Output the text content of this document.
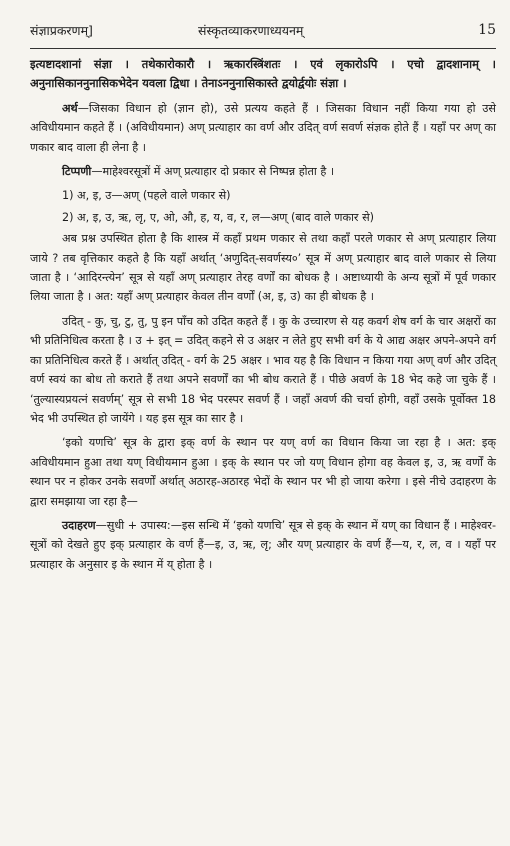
संज्ञाप्रकरणम्]	संस्कृतव्याकरणाध्ययनम्	15

इत्यष्टादशानां संज्ञा । तथेकारोकारौ । ऋकारस्त्रिंशतः । एवं लृकारोऽपि । एचो द्वादशानाम् । अनुनासिकाननुनासिकभेदेन यवला द्विधा । तेनाऽननुनासिकास्ते द्वयोर्द्वयोः संज्ञा ।

अर्थ—जिसका विधान हो (ज्ञान हो), उसे प्रत्यय कहते हैं । जिसका विधान नहीं किया गया हो उसे अविधीयमान कहते हैं । (अविधीयमान) अण् प्रत्याहार का वर्ण और उदित् वर्ण सवर्ण संज्ञक होते हैं । यहाँ पर अण् का णकार बाद वाला ही लेना है ।

टिप्पणी—माहेश्वरसूत्रों में अण् प्रत्याहार दो प्रकार से निष्पन्न होता है ।

1) अ, इ, उ—अण् (पहले वाले णकार से)

2) अ, इ, उ, ऋ, लृ, ए, ओ, औ, ह, य, व, र, ल—अण् (बाद वाले णकार से)

अब प्रश्न उपस्थित होता है कि शास्त्र में कहाँ प्रथम णकार से तथा कहाँ परले णकार से अण् प्रत्याहार लिया जाये ? तब वृत्तिकार कहते है कि यहाँ अर्थात् ‘अणुदित्-सवर्णस्य०’ सूत्र में अण् प्रत्याहार बाद वाले णकार से लिया जाता है । ‘आदिरन्त्येन’ सूत्र से यहाँ अण् प्रत्याहार तेरह वर्णों का बोधक है । अष्टाध्यायी के अन्य सूत्रों में पूर्व णकार लिया जाता है । अत: यहाँ अण् प्रत्याहार केवल तीन वर्णों (अ, इ, उ) का ही बोधक है ।

उदित् - कु, चु, टु, तु, पु इन पाँच को उदित कहते हैं । कु के उच्चारण से यह कवर्ग शेष वर्ग के चार अक्षरों का भी प्रतिनिधित्व करता है । उ + इत् = उदित् कहने से उ अक्षर न लेते हुए सभी वर्ग के ये आद्य अक्षर अपने-अपने वर्ग का प्रतिनिधित्व करते हैं । अर्थात् उदित् - वर्ग के 25 अक्षर । भाव यह है कि विधान न किया गया अण् वर्ण और उदित् वर्ण स्वयं का बोध तो कराते हैं तथा अपने सवर्णों का भी बोध कराते हैं । पीछे अवर्ण के 18 भेद कहे जा चुके हैं । ‘तुल्यास्यप्रयत्नं सवर्णम्’ सूत्र से सभी 18 भेद परस्पर सवर्ण हैं । जहाँ अवर्ण की चर्चा होगी, वहाँ उसके पूर्वोक्त 18 भेद भी उपस्थित हो जायेंगे । यह इस सूत्र का सार है ।

‘इको यणचि’ सूत्र के द्वारा इक् वर्ण के स्थान पर यण् वर्ण का विधान किया जा रहा है । अत: इक् अविधीयमान हुआ तथा यण् विधीयमान हुआ । इक् के स्थान पर जो यण् विधान होगा वह केवल इ, उ, ऋ वर्णों के स्थान पर न होकर उनके सवर्णों अर्थात् अठारह-अठारह भेदों के स्थान पर भी हो जाया करेगा । इसे नीचे उदाहरण के द्वारा समझाया जा रहा है—

उदाहरण—सुधी + उपास्य:—इस सन्धि में ‘इको यणचि’ सूत्र से इक् के स्थान में यण् का विधान हैं । माहेश्वर-सूत्रों को देखते हुए इक् प्रत्याहार के वर्ण हैं—इ, उ, ऋ, लृ; और यण् प्रत्याहार के वर्ण हैं—य, र, ल, व । यहाँ पर प्रत्याहार के अनुसार इ के स्थान में य् होता है ।
